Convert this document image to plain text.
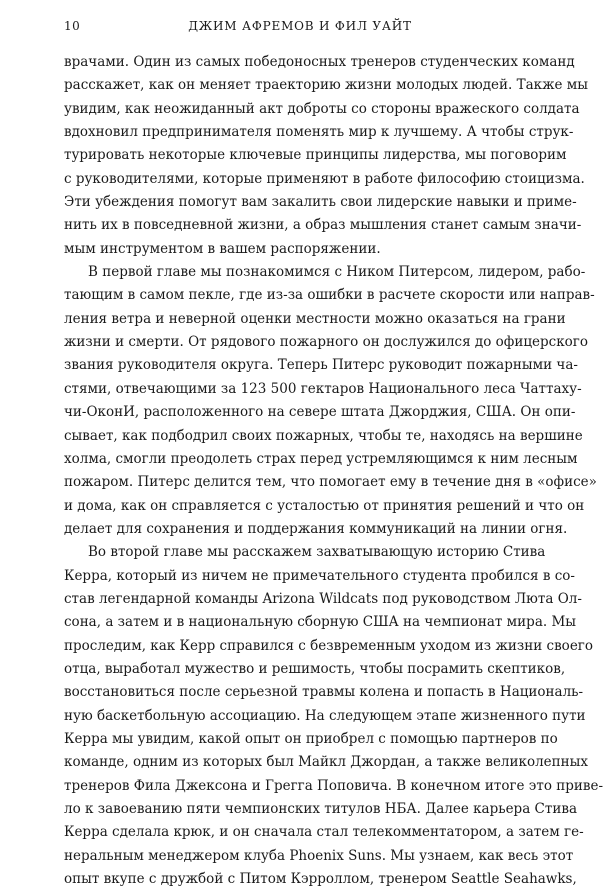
10	ДЖИМ АФРЕМОВ И ФИЛ УАЙТ
врачами. Один из самых победоносных тренеров студенческих команд
расскажет, как он меняет траекторию жизни молодых людей. Также мы
увидим, как неожиданный акт доброты со стороны вражеского солдата
вдохновил предпринимателя поменять мир к лучшему. А чтобы струк-
турировать некоторые ключевые принципы лидерства, мы поговорим
с руководителями, которые применяют в работе философию стоицизма.
Эти убеждения помогут вам закалить свои лидерские навыки и приме-
нить их в повседневной жизни, а образ мышления станет самым значи-
мым инструментом в вашем распоряжении.
В первой главе мы познакомимся с Ником Питерсом, лидером, рабо-
тающим в самом пекле, где из-за ошибки в расчете скорости или направ-
ления ветра и неверной оценки местности можно оказаться на грани
жизни и смерти. От рядового пожарного он дослужился до офицерского
звания руководителя округа. Теперь Питерс руководит пожарными ча-
стями, отвечающими за 123 500 гектаров Национального леса Чаттаху-
чи-ОконИ, расположенного на севере штата Джорджия, США. Он опи-
сывает, как подбодрил своих пожарных, чтобы те, находясь на вершине
холма, смогли преодолеть страх перед устремляющимся к ним лесным
пожаром. Питерс делится тем, что помогает ему в течение дня в «офисе»
и дома, как он справляется с усталостью от принятия решений и что он
делает для сохранения и поддержания коммуникаций на линии огня.
Во второй главе мы расскажем захватывающую историю Стива
Керра, который из ничем не примечательного студента пробился в со-
став легендарной команды Arizona Wildcats под руководством Люта Ол-
сона, а затем и в национальную сборную США на чемпионат мира. Мы
проследим, как Керр справился с безвременным уходом из жизни своего
отца, выработал мужество и решимость, чтобы посрамить скептиков,
восстановиться после серьезной травмы колена и попасть в Националь-
ную баскетбольную ассоциацию. На следующем этапе жизненного пути
Керра мы увидим, какой опыт он приобрел с помощью партнеров по
команде, одним из которых был Майкл Джордан, а также великолепных
тренеров Фила Джексона и Грегга Поповича. В конечном итоге это приве-
ло к завоеванию пяти чемпионских титулов НБА. Далее карьера Стива
Керра сделала крюк, и он сначала стал телекомментатором, а затем ге-
неральным менеджером клуба Phoenix Suns. Мы узнаем, как весь этот
опыт вкупе с дружбой с Питом Кэрроллом, тренером Seattle Seahawks,
